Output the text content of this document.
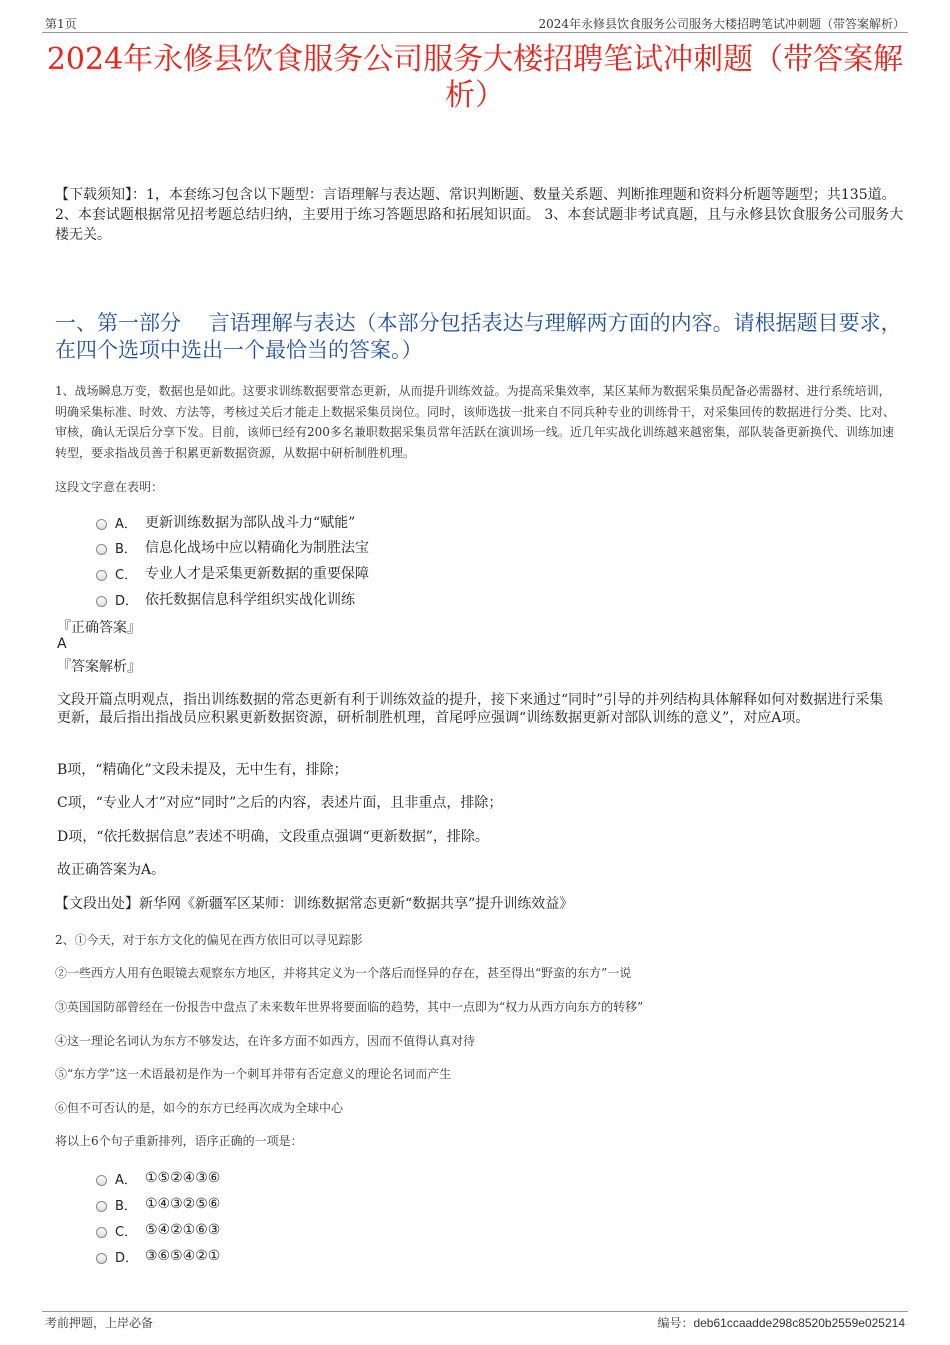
第1页	2024年永修县饮食服务公司服务大楼招聘笔试冲刺题（带答案解析）
2024年永修县饮食服务公司服务大楼招聘笔试冲刺题（带答案解析）
【下载须知】：1，本套练习包含以下题型：言语理解与表达题、常识判断题、数量关系题、判断推理题和资料分析题等题型；共135道。 2、本套试题根据常见招考题总结归纳，主要用于练习答题思路和拓展知识面。 3、本套试题非考试真题，且与永修县饮食服务公司服务大楼无关。
一、第一部分　 言语理解与表达（本部分包括表达与理解两方面的内容。请根据题目要求，在四个选项中选出一个最恰当的答案。）
1、战场瞬息万变，数据也是如此。这要求训练数据要常态更新，从而提升训练效益。为提高采集效率，某区某师为数据采集员配备必需器材、进行系统培训，明确采集标准、时效、方法等，考核过关后才能走上数据采集员岗位。同时，该师选拔一批来自不同兵种专业的训练骨干，对采集回传的数据进行分类、比对、审核，确认无误后分享下发。目前，该师已经有200多名兼职数据采集员常年活跃在演训场一线。近几年实战化训练越来越密集，部队装备更新换代、训练加速转型，要求指战员善于积累更新数据资源，从数据中研析制胜机理。
这段文字意在表明：
A． 更新训练数据为部队战斗力“赋能”
B． 信息化战场中应以精确化为制胜法宝
C． 专业人才是采集更新数据的重要保障
D． 依托数据信息科学组织实战化训练
『正确答案』
A
『答案解析』
文段开篇点明观点，指出训练数据的常态更新有利于训练效益的提升，接下来通过“同时”引导的并列结构具体解释如何对数据进行采集更新，最后指出指战员应积累更新数据资源，研析制胜机理，首尾呼应强调“训练数据更新对部队训练的意义”，对应A项。
B项，“精确化”文段未提及，无中生有，排除；
C项，“专业人才”对应“同时”之后的内容，表述片面，且非重点，排除；
D项，“依托数据信息”表述不明确，文段重点强调“更新数据”，排除。
故正确答案为A。
【文段出处】新华网《新疆军区某师：训练数据常态更新“数据共享”提升训练效益》
2、①今天，对于东方文化的偏见在西方依旧可以寻见踪影
②一些西方人用有色眼镜去观察东方地区，并将其定义为一个落后而怪异的存在，甚至得出“野蛮的东方”一说
③英国国防部曾经在一份报告中盘点了未来数年世界将要面临的趋势，其中一点即为“权力从西方向东方的转移”
④这一理论名词认为东方不够发达，在许多方面不如西方，因而不值得认真对待
⑤“东方学”这一术语最初是作为一个刺耳并带有否定意义的理论名词而产生
⑥但不可否认的是，如今的东方已经再次成为全球中心
将以上6个句子重新排列，语序正确的一项是：
A． ①⑤②④③⑥
B． ①④③②⑤⑥
C． ⑤④②①⑥③
D． ③⑥⑤④②①
考前押题，上岸必备	编号：deb61ccaadde298c8520b2559e025214
